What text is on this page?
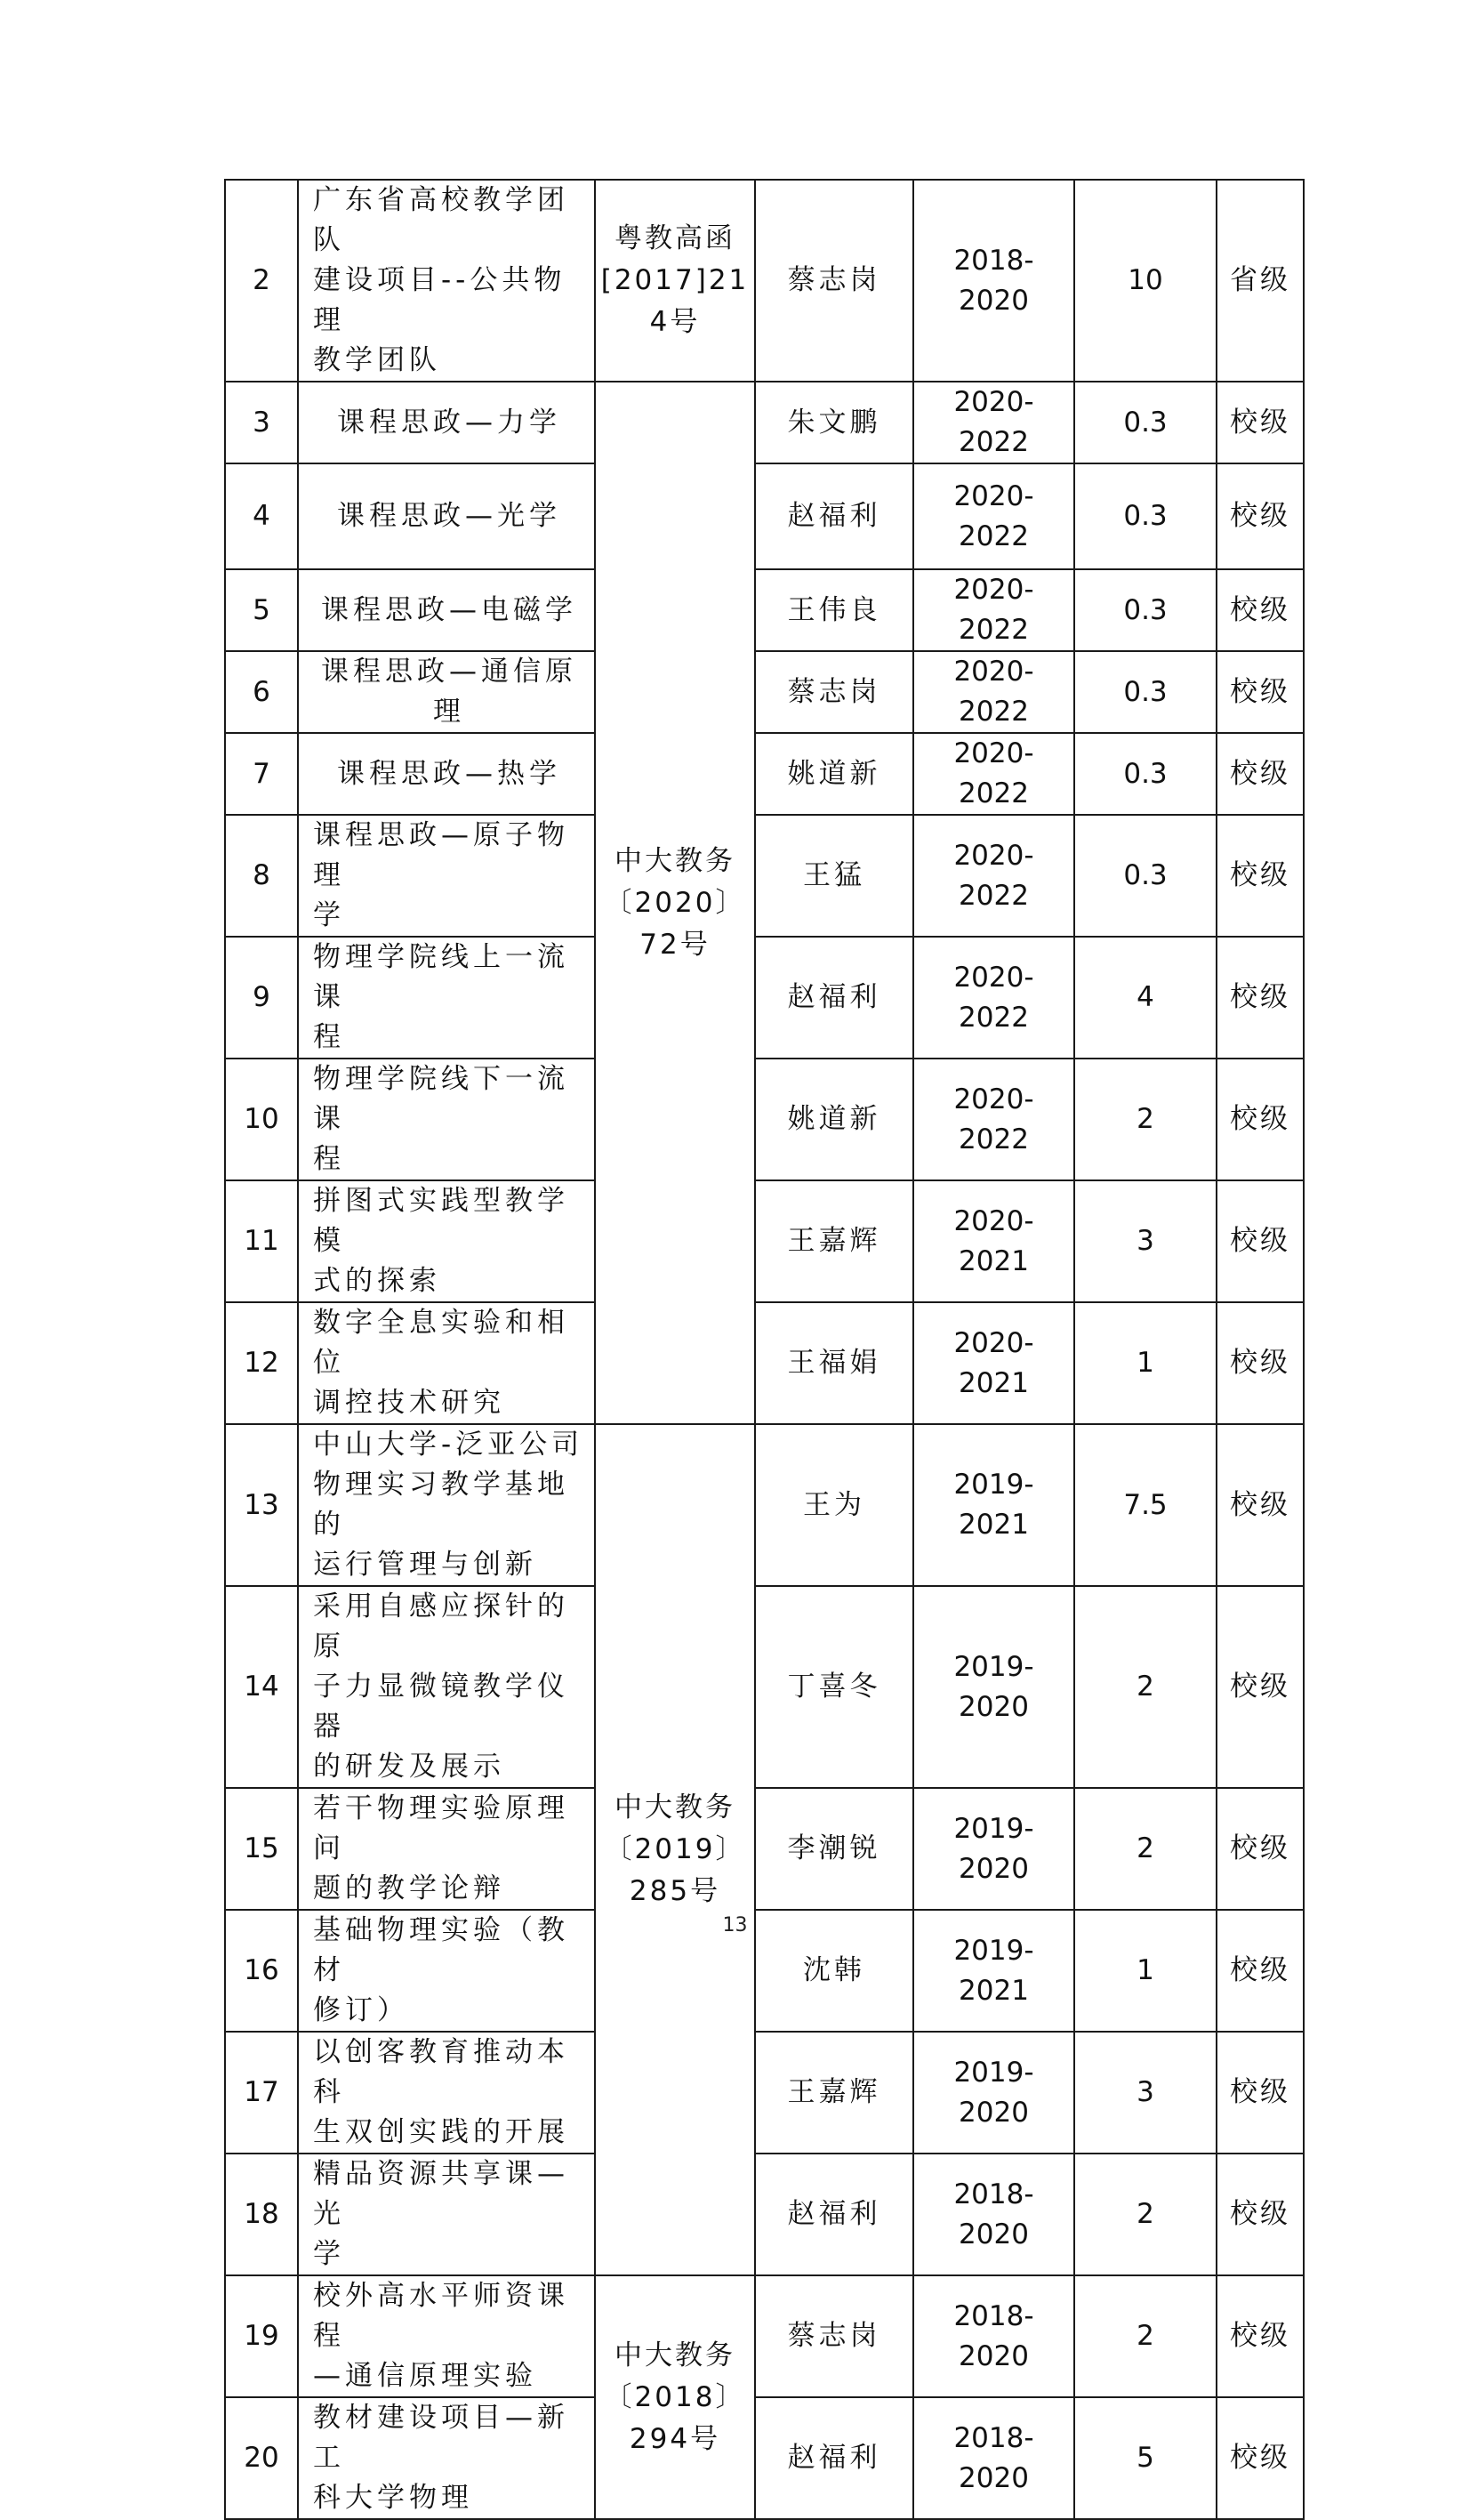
2	广东省高校教学团队
建设项目--公共物理
教学团队	粤教高函
[2017]21
4号	蔡志岗	2018-
2020	10	省级
3	课程思政—力学	中大教务
〔2020〕
72号	朱文鹏	2020-
2022	0.3	校级
4	课程思政—光学		赵福利	2020-
2022	0.3	校级
5	课程思政—电磁学		王伟良	2020-
2022	0.3	校级
6	课程思政—通信原理		蔡志岗	2020-
2022	0.3	校级
7	课程思政—热学		姚道新	2020-
2022	0.3	校级
8	课程思政—原子物理
学		王猛	2020-
2022	0.3	校级
9	物理学院线上一流课
程		赵福利	2020-
2022	4	校级
10	物理学院线下一流课
程		姚道新	2020-
2022	2	校级
11	拼图式实践型教学模
式的探索		王嘉辉	2020-
2021	3	校级
12	数字全息实验和相位
调控技术研究		王福娟	2020-
2021	1	校级
13	中山大学-泛亚公司
物理实习教学基地的
运行管理与创新	中大教务
〔2019〕
285号	王为	2019-
2021	7.5	校级
14	采用自感应探针的原
子力显微镜教学仪器
的研发及展示		丁喜冬	2019-
2020	2	校级
15	若干物理实验原理问
题的教学论辩		李潮锐	2019-
2020	2	校级
16	基础物理实验（教材
修订）		沈韩	2019-
2021	1	校级
17	以创客教育推动本科
生双创实践的开展		王嘉辉	2019-
2020	3	校级
18	精品资源共享课—光
学		赵福利	2018-
2020	2	校级
19	校外高水平师资课程
—通信原理实验	中大教务
〔2018〕
294号	蔡志岗	2018-
2020	2	校级
20	教材建设项目—新工
科大学物理		赵福利	2018-
2020	5	校级
13
